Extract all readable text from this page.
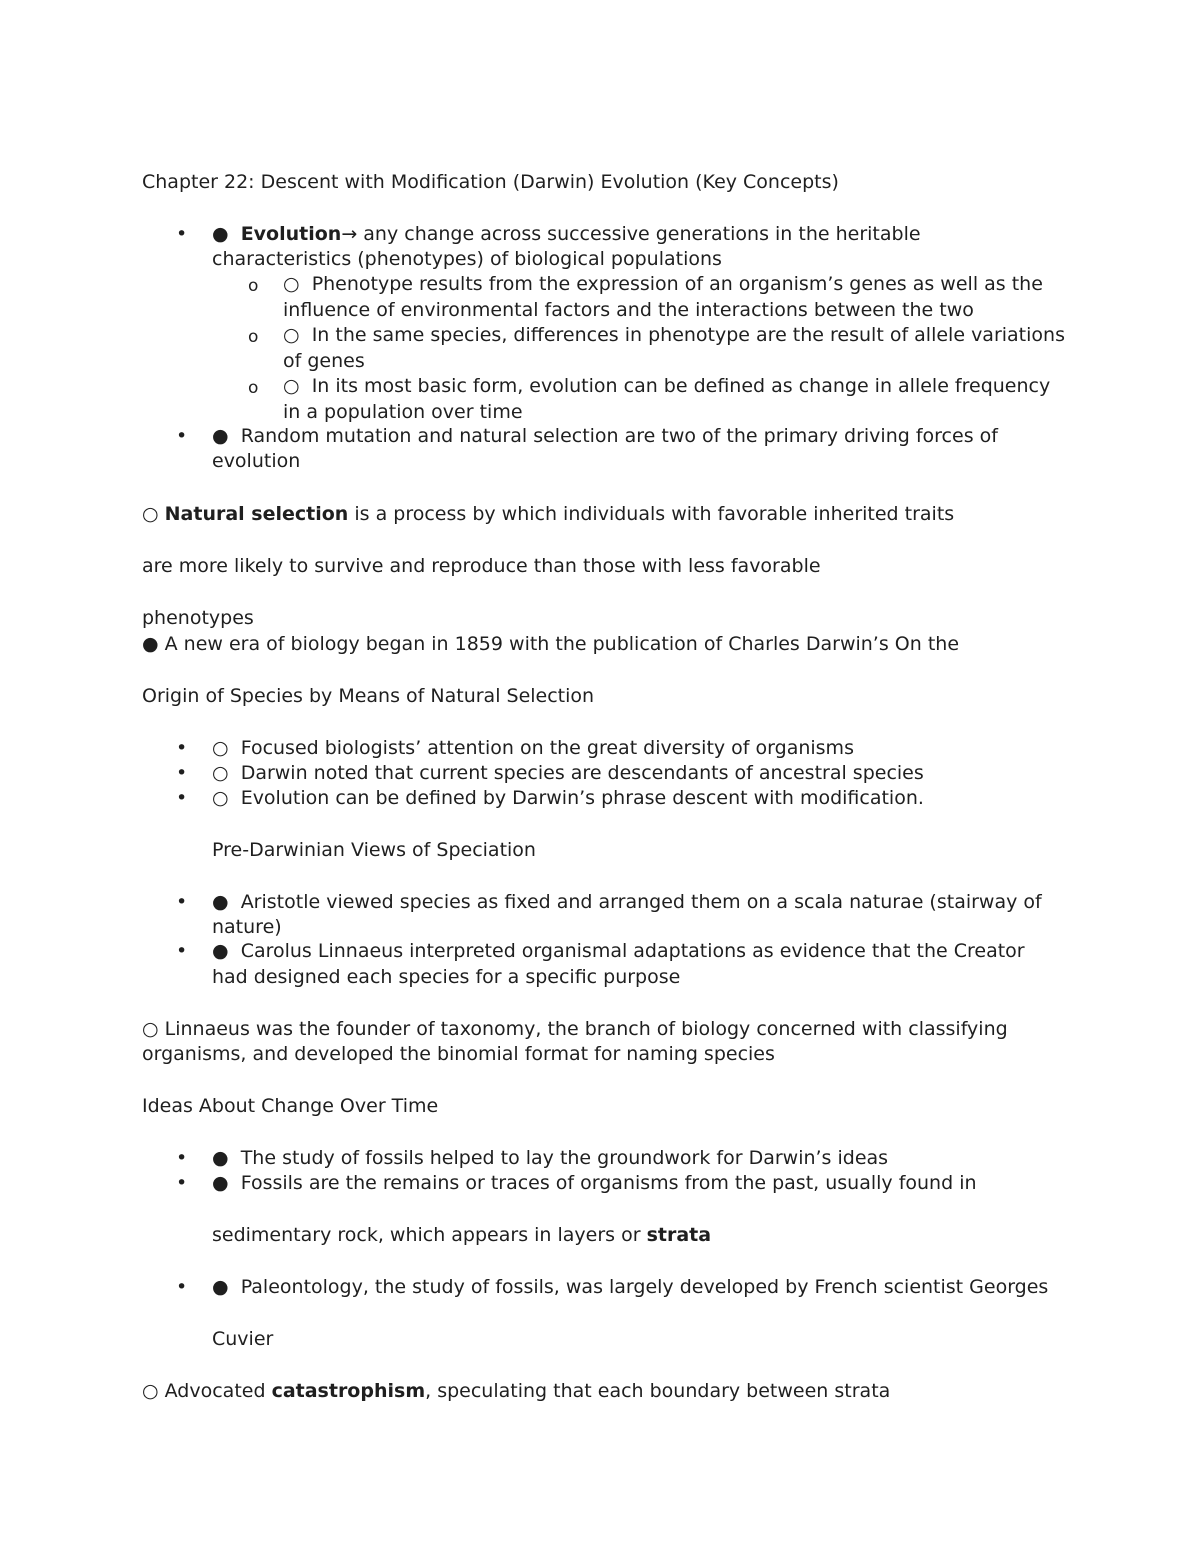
Chapter 22: Descent with Modification (Darwin) Evolution (Key Concepts)
• ● Evolution→ any change across successive generations in the heritable
characteristics (phenotypes) of biological populations
o ○ Phenotype results from the expression of an organism’s genes as well as the
influence of environmental factors and the interactions between the two
o ○ In the same species, differences in phenotype are the result of allele variations
of genes
o ○ In its most basic form, evolution can be defined as change in allele frequency
in a population over time
• ● Random mutation and natural selection are two of the primary driving forces of
evolution
○ Natural selection is a process by which individuals with favorable inherited traits
are more likely to survive and reproduce than those with less favorable
phenotypes
● A new era of biology began in 1859 with the publication of Charles Darwin’s On the
Origin of Species by Means of Natural Selection
• ○ Focused biologists’ attention on the great diversity of organisms
• ○ Darwin noted that current species are descendants of ancestral species
• ○ Evolution can be defined by Darwin’s phrase descent with modification.
Pre-Darwinian Views of Speciation
• ● Aristotle viewed species as fixed and arranged them on a scala naturae (stairway of
nature)
• ● Carolus Linnaeus interpreted organismal adaptations as evidence that the Creator
had designed each species for a specific purpose
○ Linnaeus was the founder of taxonomy, the branch of biology concerned with classifying
organisms, and developed the binomial format for naming species
Ideas About Change Over Time
• ● The study of fossils helped to lay the groundwork for Darwin’s ideas
• ● Fossils are the remains or traces of organisms from the past, usually found in
sedimentary rock, which appears in layers or strata
• ● Paleontology, the study of fossils, was largely developed by French scientist Georges
Cuvier
○ Advocated catastrophism, speculating that each boundary between strata
